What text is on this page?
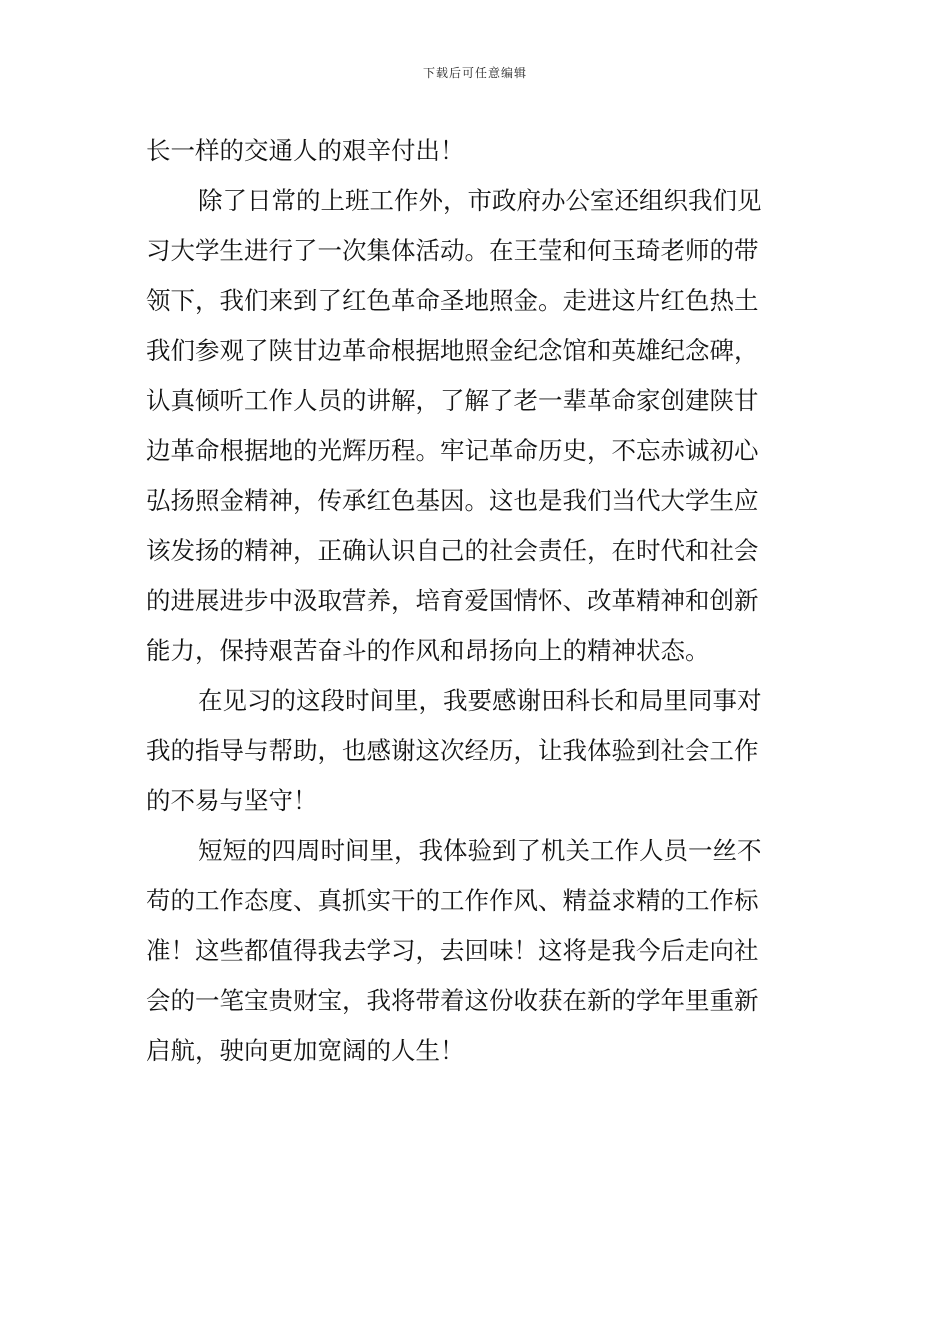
下载后可任意编辑
长一样的交通人的艰辛付出！
除了日常的上班工作外，市政府办公室还组织我们见
习大学生进行了一次集体活动。在王莹和何玉琦老师的带
领下，我们来到了红色革命圣地照金。走进这片红色热土
我们参观了陕甘边革命根据地照金纪念馆和英雄纪念碑，
认真倾听工作人员的讲解，了解了老一辈革命家创建陕甘
边革命根据地的光辉历程。牢记革命历史，不忘赤诚初心
弘扬照金精神，传承红色基因。这也是我们当代大学生应
该发扬的精神，正确认识自己的社会责任，在时代和社会
的进展进步中汲取营养，培育爱国情怀、改革精神和创新
能力，保持艰苦奋斗的作风和昂扬向上的精神状态。
在见习的这段时间里，我要感谢田科长和局里同事对
我的指导与帮助，也感谢这次经历，让我体验到社会工作
的不易与坚守！
短短的四周时间里，我体验到了机关工作人员一丝不
苟的工作态度、真抓实干的工作作风、精益求精的工作标
准！这些都值得我去学习，去回味！这将是我今后走向社
会的一笔宝贵财宝，我将带着这份收获在新的学年里重新
启航，驶向更加宽阔的人生！
